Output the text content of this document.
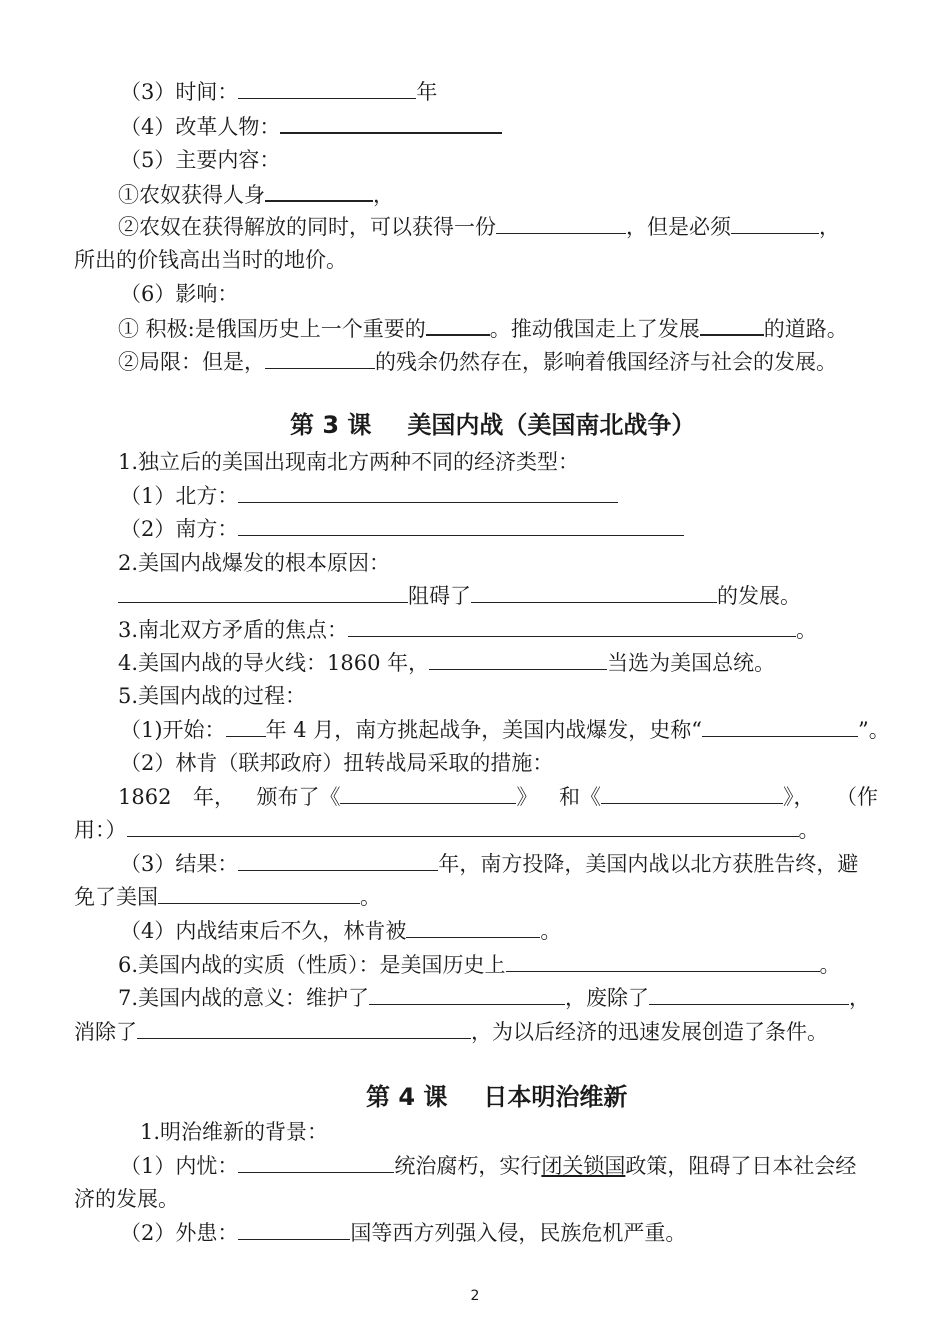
（3）时间：	年
（4）改革人物：
（5）主要内容：
①农奴获得人身	，
②农奴在获得解放的同时，可以获得一份	，但是必须	，
所出的价钱高出当时的地价。
（6）影响：
① 积极:是俄国历史上一个重要的	。推动俄国走上了发展	的道路。
②局限：但是，	的残余仍然存在，影响着俄国经济与社会的发展。
第 3 课 美国内战（美国南北战争）
1.独立后的美国出现南北方两种不同的经济类型：
（1）北方：
（2）南方：
2.美国内战爆发的根本原因：
阻碍了	的发展。
3.南北双方矛盾的焦点：	。
4.美国内战的导火线：1860 年，	当选为美国总统。
5.美国内战的过程：
（1)开始： 年 4 月，南方挑起战争，美国内战爆发，史称“	”。
（2）林肯（联邦政府）扭转战局采取的措施：
1862 年， 颁布了《	》 和《	》， （作
用：）	。
（3）结果：	年，南方投降，美国内战以北方获胜告终，避
免了美国	。
（4）内战结束后不久，林肯被	。
6.美国内战的实质（性质）：是美国历史上	。
7.美国内战的意义：维护了	，废除了	，
消除了	，为以后经济的迅速发展创造了条件。
第 4 课 日本明治维新
1.明治维新的背景：
（1）内忧：	统治腐朽，实行闭关锁国政策，阻碍了日本社会经
济的发展。
（2）外患：	国等西方列强入侵，民族危机严重。
2
